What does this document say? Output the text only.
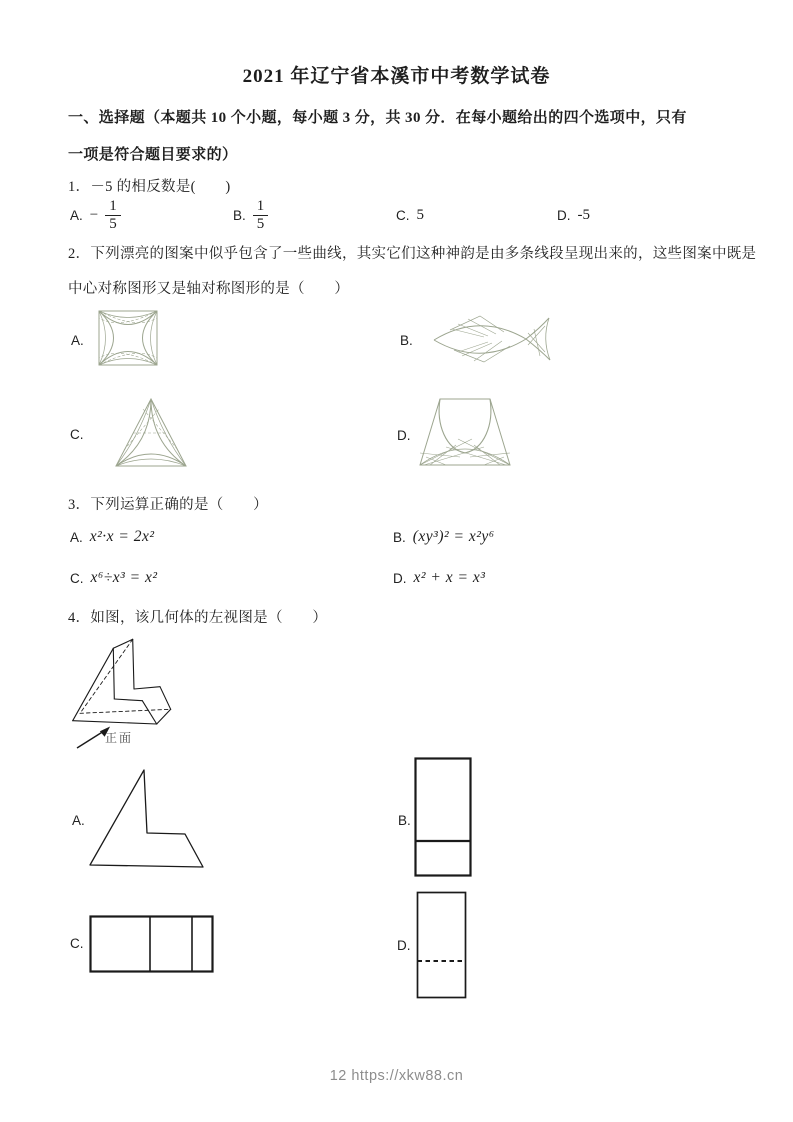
2021 年辽宁省本溪市中考数学试卷
一、选择题（本题共 10 个小题，每小题 3 分，共 30 分．在每小题给出的四个选项中，只有
一项是符合题目要求的）
1．－5 的相反数是(　　)
A. − $\frac{1}{5}$	B. $\frac{1}{5}$	C. 5	D. -5
2．下列漂亮的图案中似乎包含了一些曲线，其实它们这种神韵是由多条线段呈现出来的，这些图案中既是
中心对称图形又是轴对称图形的是（　　）
A.	B.
C.	D.
3．下列运算正确的是（　　）
A. x²·x = 2x²	B. (xy³)² = x²y⁶
C. x⁶÷x³ = x²	D. x² + x = x³
4．如图，该几何体的左视图是（　　）
正面
A.	B.
C.	D.
12 https://xkw88.cn
